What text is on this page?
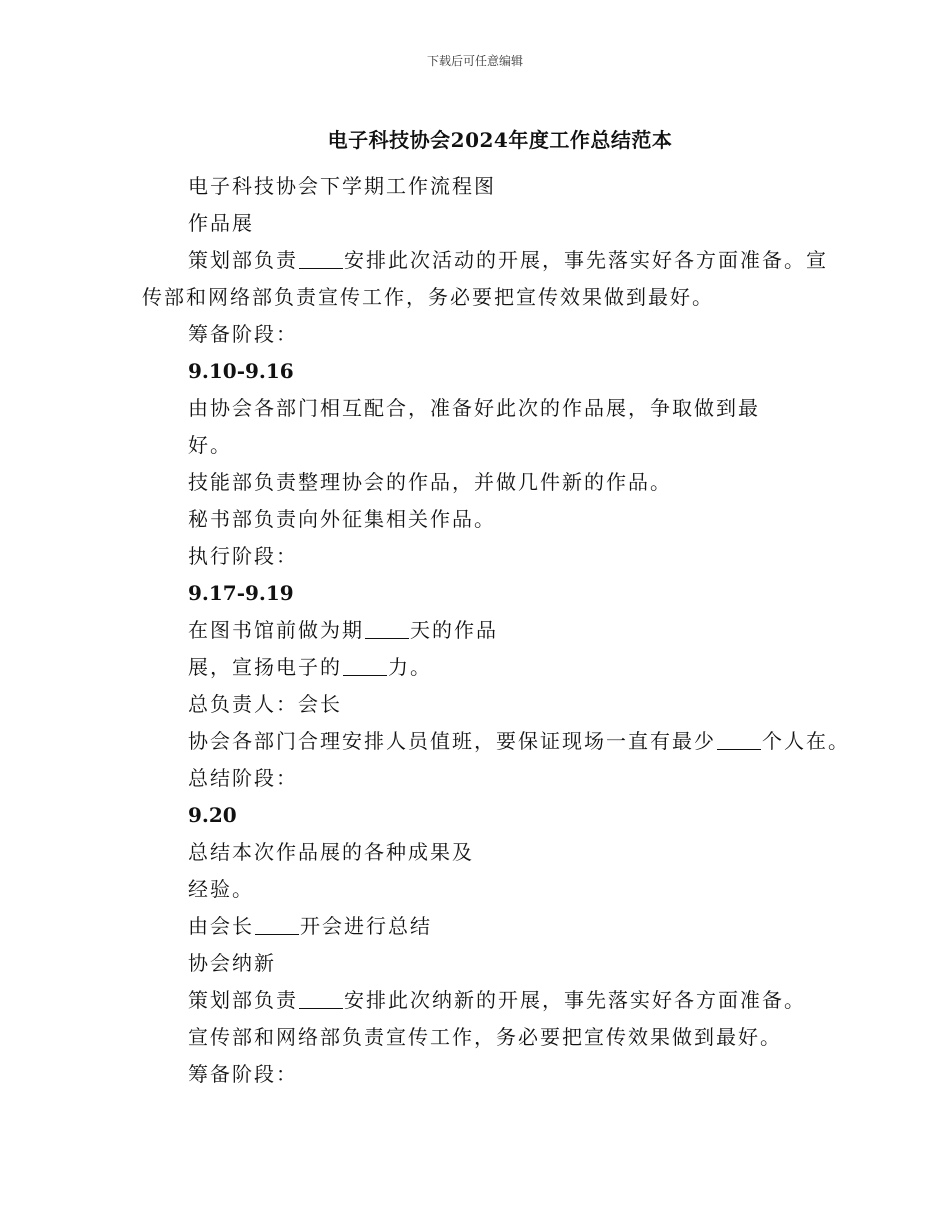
下载后可任意编辑
电子科技协会2024年度工作总结范本
电子科技协会下学期工作流程图
作品展
策划部负责 安排此次活动的开展，事先落实好各方面准备。宣
传部和网络部负责宣传工作，务必要把宣传效果做到最好。
筹备阶段：
9.10-9.16
由协会各部门相互配合，准备好此次的作品展，争取做到最
好。
技能部负责整理协会的作品，并做几件新的作品。
秘书部负责向外征集相关作品。
执行阶段：
9.17-9.19
在图书馆前做为期 天的作品
展，宣扬电子的 力。
总负责人：会长
协会各部门合理安排人员值班，要保证现场一直有最少 个人在。
总结阶段：
9.20
总结本次作品展的各种成果及
经验。
由会长 开会进行总结
协会纳新
策划部负责 安排此次纳新的开展，事先落实好各方面准备。
宣传部和网络部负责宣传工作，务必要把宣传效果做到最好。
筹备阶段：
